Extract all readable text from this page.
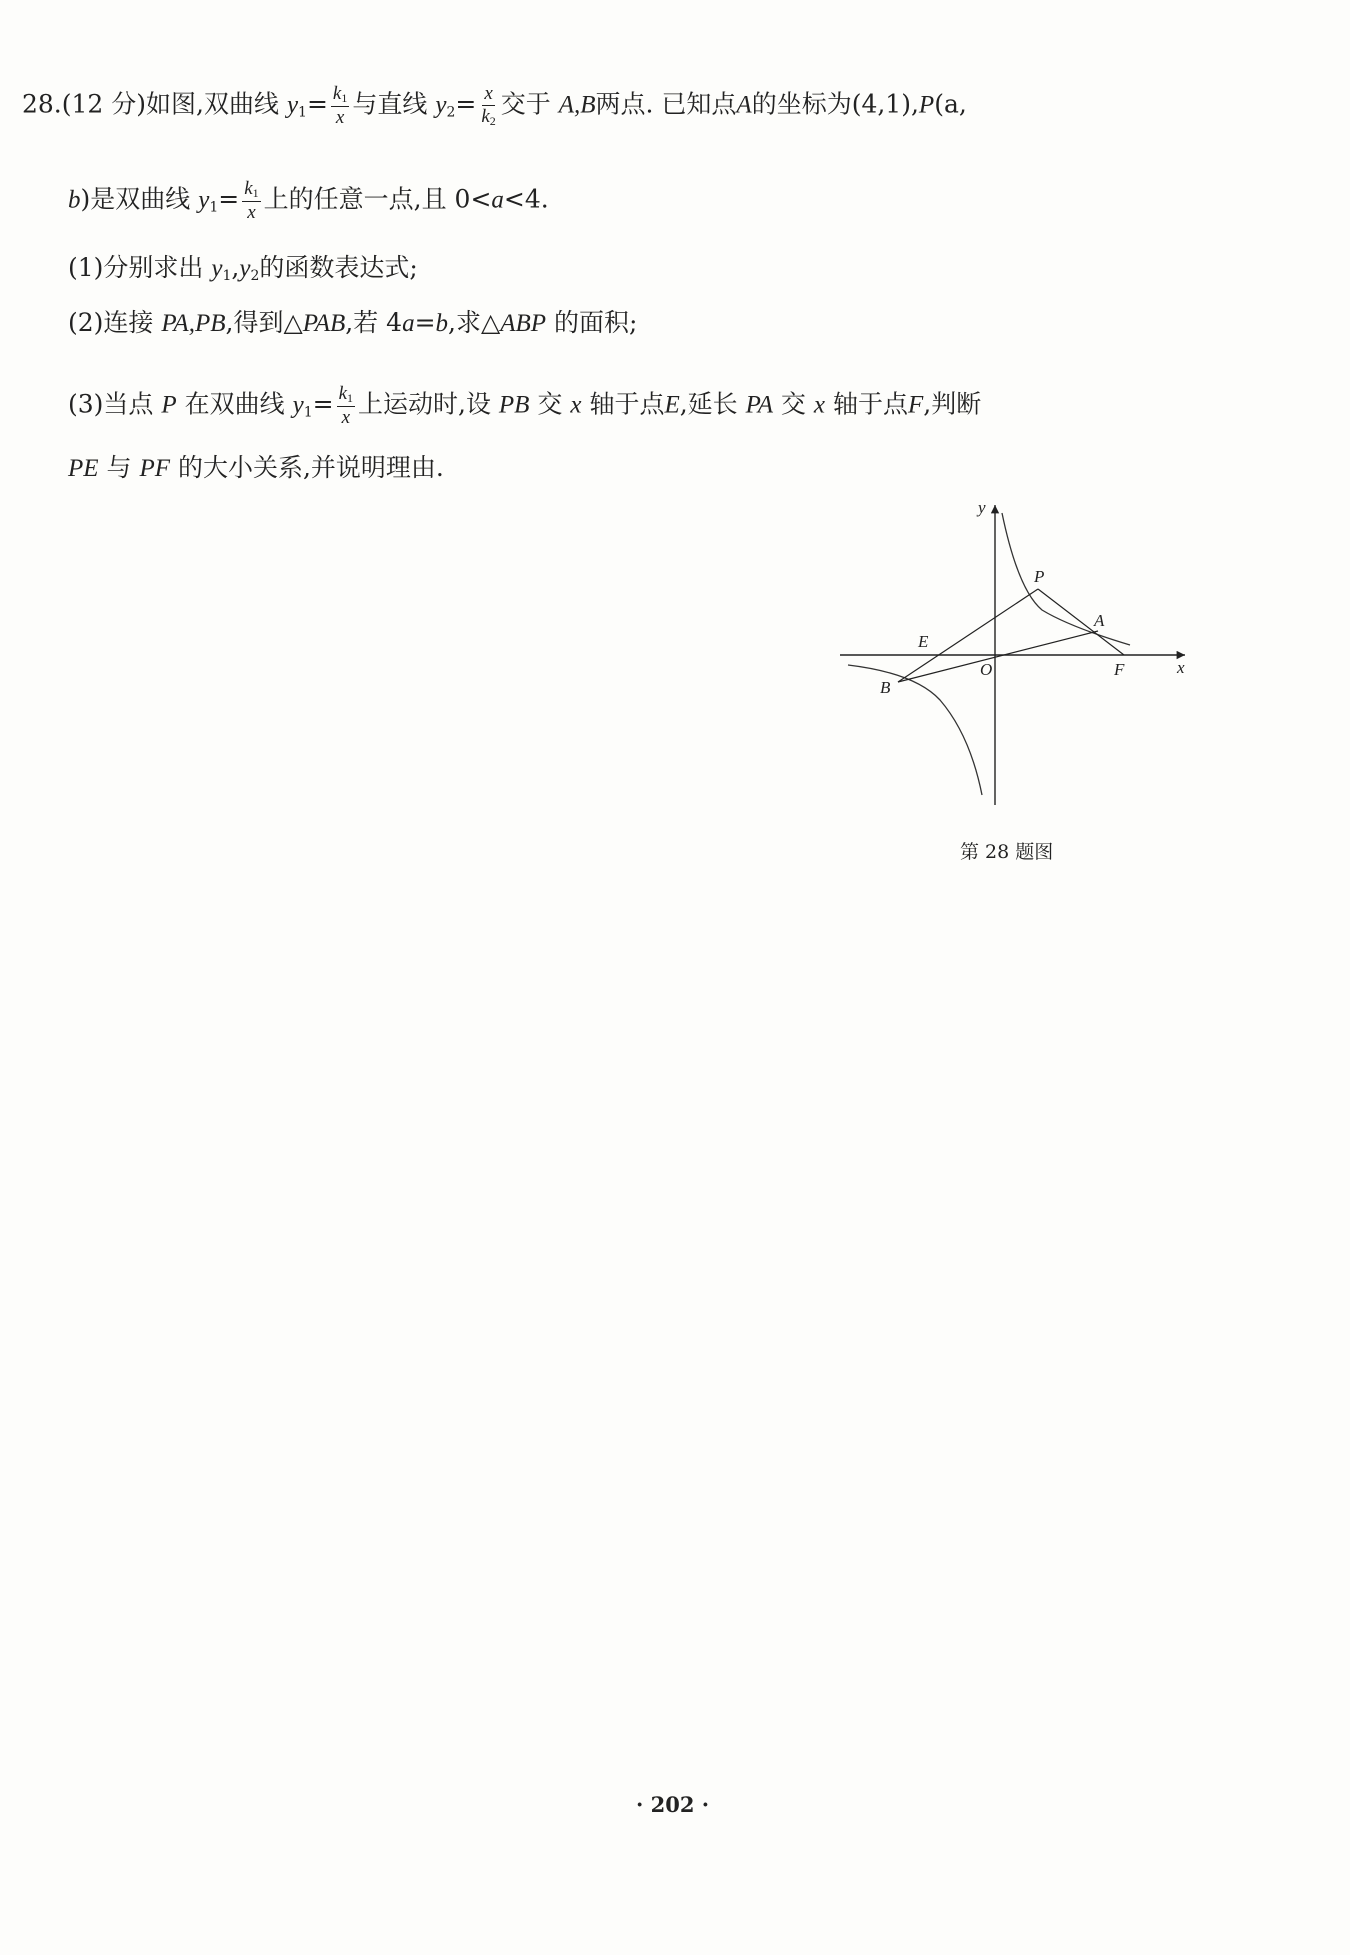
28.(12 分)如图,双曲线 $y_1= \frac{k_1}{x}$ 与直线 $y_2= \frac{x}{k_2}$ 交于 A,B两点. 已知点A的坐标为(4,1),P(a,
b)是双曲线 $y_1= \frac{k_1}{x}$ 上的任意一点,且 0<a<4.
(1)分别求出 $y_1,y_2$的函数表达式;
(2)连接 PA,PB,得到△PAB,若 4a=b,求△ABP 的面积;
(3)当点 P 在双曲线 $y_1= \frac{k_1}{x}$ 上运动时,设 PB 交 x 轴于点E,延长 PA 交 x 轴于点F,判断
PE 与 PF 的大小关系,并说明理由.
y
x
O
P
A
E
F
B
第 28 题图
· 202 ·
